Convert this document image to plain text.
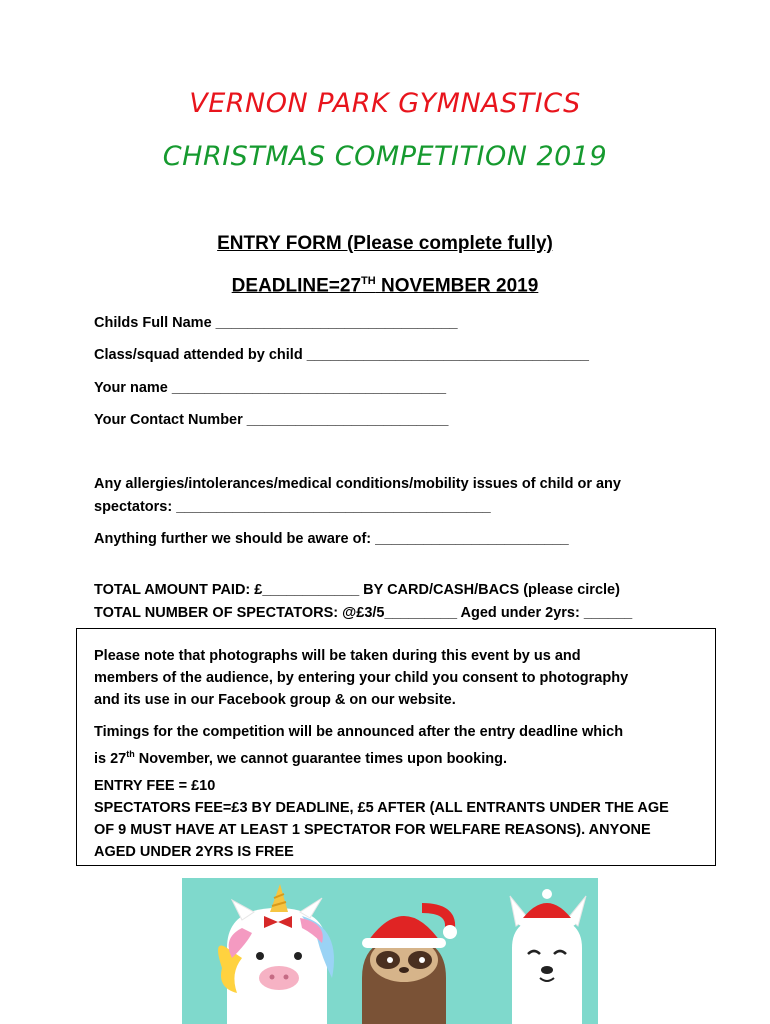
VERNON PARK GYMNASTICS
CHRISTMAS COMPETITION 2019
ENTRY FORM (Please complete fully)
DEADLINE=27TH NOVEMBER 2019
Childs Full Name ______________________________
Class/squad attended by child ___________________________________
Your name __________________________________
Your Contact Number _________________________
Any allergies/intolerances/medical conditions/mobility issues of child or any
spectators: _______________________________________
Anything further we should be aware of: ________________________
TOTAL AMOUNT PAID: £____________ BY CARD/CASH/BACS (please circle)
TOTAL NUMBER OF SPECTATORS: @£3/5_________ Aged under 2yrs: ______

Please note that photographs will be taken during this event by us and

members of the audience, by entering your child you consent to photography

and its use in our Facebook group & on our website.

Timings for the competition will be announced after the entry deadline which

is 27th November, we cannot guarantee times upon booking.

ENTRY FEE = £10

SPECTATORS FEE=£3 BY DEADLINE, £5 AFTER (ALL ENTRANTS UNDER THE AGE

OF 9 MUST HAVE AT LEAST 1 SPECTATOR FOR WELFARE REASONS). ANYONE

AGED UNDER 2YRS IS FREE
